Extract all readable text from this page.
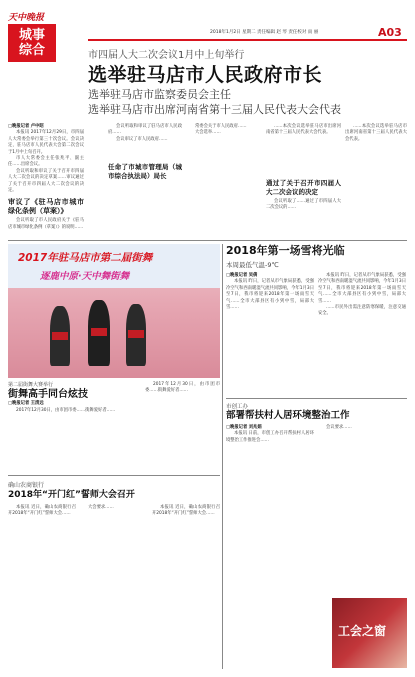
天中晚报
城事
综合
2018年1月2日 星期二 责任编辑 赵 琴 责任校对 雨 丽	A03
市四届人大二次会议1月中上旬举行
选举驻马店市人民政府市长
选举驻马店市监察委员会主任
选举驻马店市出席河南省第十三届人民代表大会代表
□晚报记者 卢中昭

本报讯 2017年12月29日，市四届人大常委会举行第三十次会议。会议决定，驻马店市人民代表大会第二次会议于1月中上旬召开。

市人大常委会主任张兆平、副主任……出席会议。

会议听取和审议了关于召开市四届人大二次会议的决定草案……审议通过了关于召开市四届人大二次会议的决定。

审议了《驻马店市城市绿化条例（草案）》

会议听取了市人民政府关于《驻马店市城市绿化条例（草案）》的说明……

会议听取和审议了驻马店市人民政府……

会议审议了市人民政府……

任命了市城市管理局（城市综合执法局）局长

常委会关于市人民政府……

大会选举……

……本次会议选举驻马店市出席河南省第十三届人民代表大会代表。

通过了关于召开市四届人大二次会议的决定

会议听取了……通过了市四届人大二次会议的……

……本次会议选举驻马店市出席河南省第十三届人民代表大会代表。

2017年驻马店市第二届街舞
逐鹿中原·天中舞街舞
第二届街舞大赛举行
街舞高手同台炫技
□晚报记者 王清远

2017年12月30日，由市团市委……街舞爱好者……

2017年12月30日，由市团市委……街舞爱好者……

2018年第一场雪将光临
本周最低气温-9℃
□晚报记者 吴倩

本报讯 昨日，记者从市气象局获悉，受强冷空气和西南暖湿气流共同影响，今年1月3日至7日，我市将迎来2018年第一场雨雪天气……全市大部县区有小到中雪，局部大雪……

本报讯 昨日，记者从市气象局获悉，受强冷空气和西南暖湿气流共同影响，今年1月3日至7日，我市将迎来2018年第一场雨雪天气……全市大部县区有小到中雪，局部大雪……

……市民外出需注意防寒保暖，注意交通安全。

市创工办
部署帮扶村人居环境整治工作
□晚报记者 刘兆娟

本报讯 日前，市创工办召开帮扶村人居环境整治工作推进会……

会议要求……

工会之窗
确山农商银行
2018年“开门红”誓师大会召开

本报讯 近日，确山农商银行召开2018年“开门红”誓师大会……

大会要求……	本报讯 近日，确山农商银行召开2018年“开门红”誓师大会……
